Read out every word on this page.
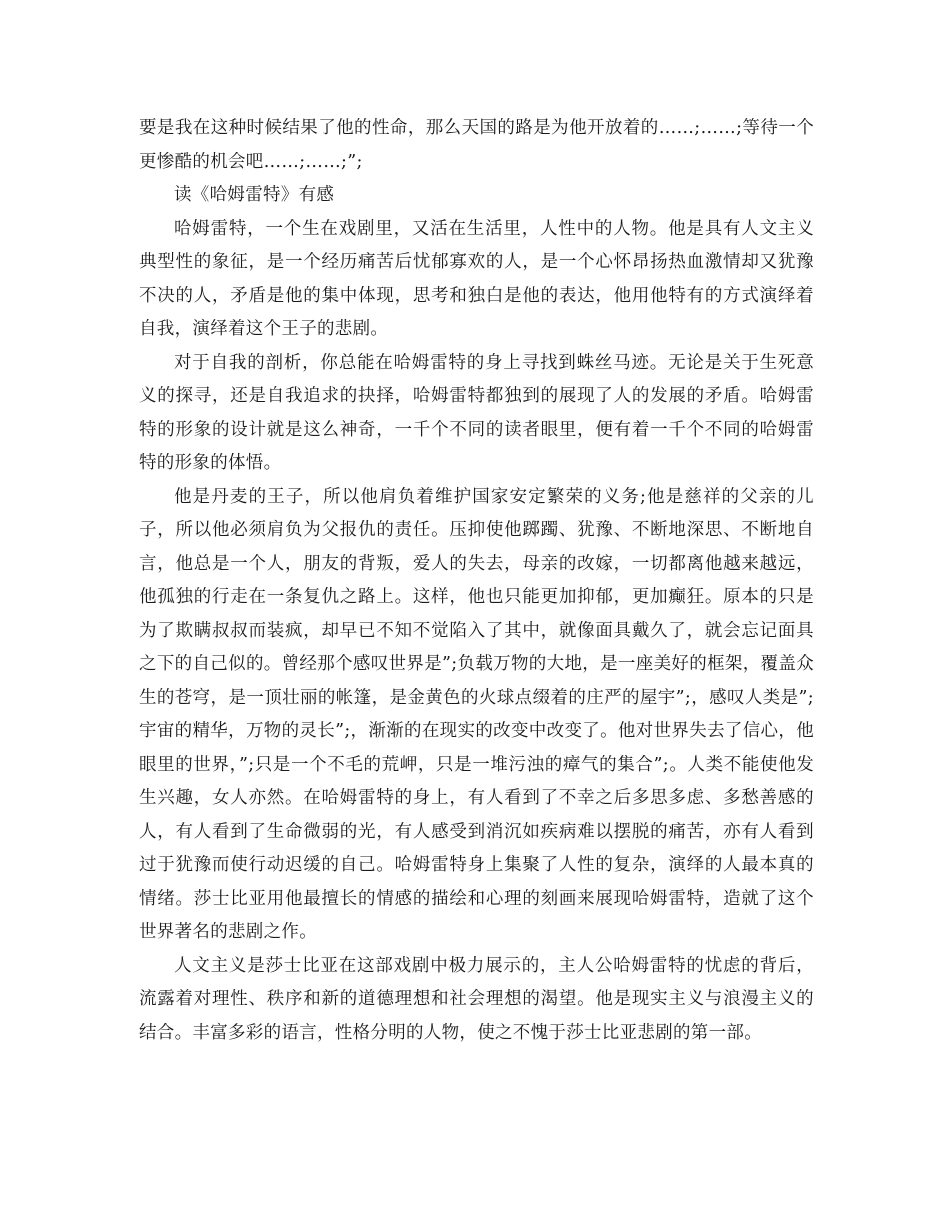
要是我在这种时候结果了他的性命，那么天国的路是为他开放着的……;……;等待一个更惨酷的机会吧……;……;”;

读《哈姆雷特》有感

哈姆雷特，一个生在戏剧里，又活在生活里，人性中的人物。他是具有人文主义典型性的象征，是一个经历痛苦后忧郁寡欢的人，是一个心怀昂扬热血激情却又犹豫不决的人，矛盾是他的集中体现，思考和独白是他的表达，他用他特有的方式演绎着自我，演绎着这个王子的悲剧。

对于自我的剖析，你总能在哈姆雷特的身上寻找到蛛丝马迹。无论是关于生死意义的探寻，还是自我追求的抉择，哈姆雷特都独到的展现了人的发展的矛盾。哈姆雷特的形象的设计就是这么神奇，一千个不同的读者眼里，便有着一千个不同的哈姆雷特的形象的体悟。

他是丹麦的王子，所以他肩负着维护国家安定繁荣的义务;他是慈祥的父亲的儿子，所以他必须肩负为父报仇的责任。压抑使他踯躅、犹豫、不断地深思、不断地自言，他总是一个人，朋友的背叛，爱人的失去，母亲的改嫁，一切都离他越来越远，他孤独的行走在一条复仇之路上。这样，他也只能更加抑郁，更加癫狂。原本的只是为了欺瞒叔叔而装疯，却早已不知不觉陷入了其中，就像面具戴久了，就会忘记面具之下的自己似的。曾经那个感叹世界是”;负载万物的大地，是一座美好的框架，覆盖众生的苍穹，是一顶壮丽的帐篷，是金黄色的火球点缀着的庄严的屋宇”;，感叹人类是”;宇宙的精华，万物的灵长”;，渐渐的在现实的改变中改变了。他对世界失去了信心，他眼里的世界，”;只是一个不毛的荒岬，只是一堆污浊的瘴气的集合”;。人类不能使他发生兴趣，女人亦然。在哈姆雷特的身上，有人看到了不幸之后多思多虑、多愁善感的人，有人看到了生命微弱的光，有人感受到消沉如疾病难以摆脱的痛苦，亦有人看到过于犹豫而使行动迟缓的自己。哈姆雷特身上集聚了人性的复杂，演绎的人最本真的情绪。莎士比亚用他最擅长的情感的描绘和心理的刻画来展现哈姆雷特，造就了这个世界著名的悲剧之作。

人文主义是莎士比亚在这部戏剧中极力展示的，主人公哈姆雷特的忧虑的背后，流露着对理性、秩序和新的道德理想和社会理想的渴望。他是现实主义与浪漫主义的结合。丰富多彩的语言，性格分明的人物，使之不愧于莎士比亚悲剧的第一部。
